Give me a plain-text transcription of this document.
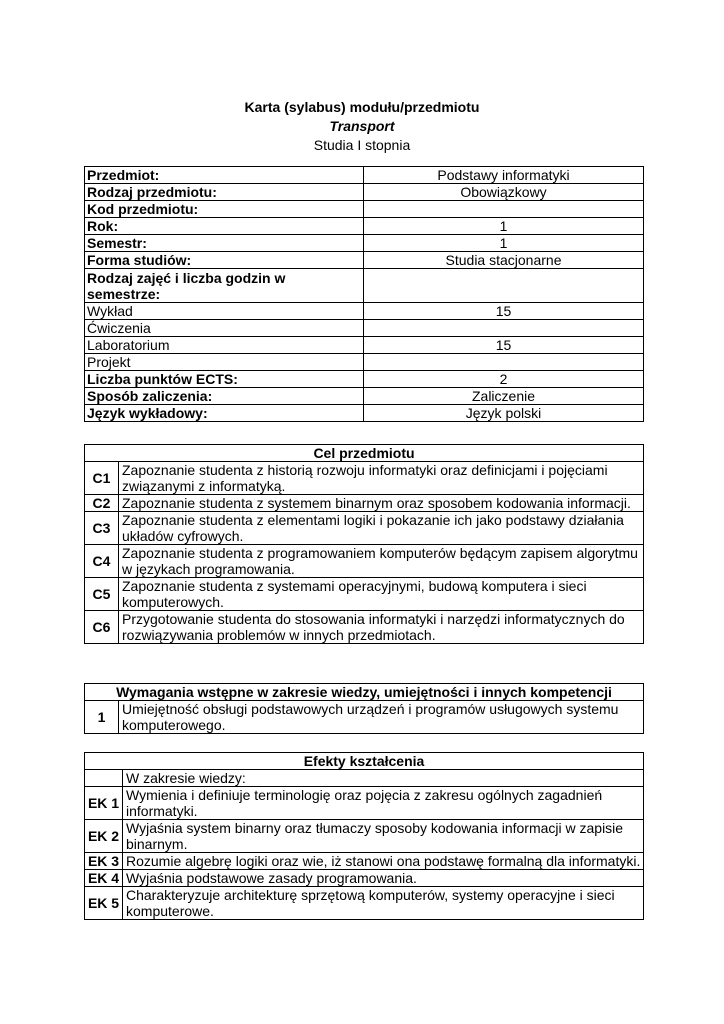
Karta (sylabus) modułu/przedmiotu
Transport
Studia I stopnia
Przedmiot:	Podstawy informatyki
Rodzaj przedmiotu:	Obowiązkowy
Kod przedmiotu:	
Rok:	1
Semestr:	1
Forma studiów:	Studia stacjonarne
Rodzaj zajęć i liczba godzin w semestrze:	
Wykład	15
Ćwiczenia	
Laboratorium	15
Projekt	
Liczba punktów ECTS:	2
Sposób zaliczenia:	Zaliczenie
Język wykładowy:	Język polski
Cel przedmiotu	
C1	Zapoznanie studenta z historią rozwoju informatyki oraz definicjami i pojęciami związanymi z informatyką.
C2	Zapoznanie studenta z systemem binarnym oraz sposobem kodowania informacji.
C3	Zapoznanie studenta z elementami logiki i pokazanie ich jako podstawy działania układów cyfrowych.
C4	Zapoznanie studenta z programowaniem komputerów będącym zapisem algorytmu w językach programowania.
C5	Zapoznanie studenta z systemami operacyjnymi, budową komputera i sieci komputerowych.
C6	Przygotowanie studenta do stosowania informatyki i narzędzi informatycznych do rozwiązywania problemów w innych przedmiotach.
Wymagania wstępne w zakresie wiedzy, umiejętności i innych kompetencji
1	Umiejętność obsługi podstawowych urządzeń i programów usługowych systemu komputerowego.
Efekty kształcenia	
	W zakresie wiedzy:
EK 1	Wymienia i definiuje terminologię oraz pojęcia z zakresu ogólnych zagadnień informatyki.
EK 2	Wyjaśnia system binarny oraz tłumaczy sposoby kodowania informacji w zapisie binarnym.
EK 3	Rozumie algebrę logiki oraz wie, iż stanowi ona podstawę formalną dla informatyki.
EK 4	Wyjaśnia podstawowe zasady programowania.
EK 5	Charakteryzuje architekturę sprzętową komputerów, systemy operacyjne i sieci komputerowe.
